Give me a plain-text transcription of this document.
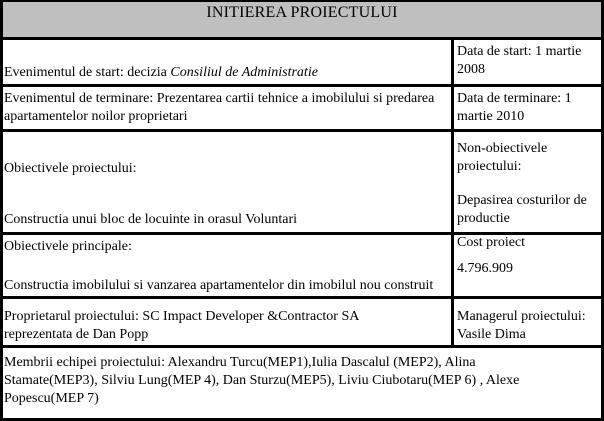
INITIEREA PROIECTULUI
Evenimentul de start: decizia Consiliul de Administratie
Data de start: 1 martie 2008
Evenimentul de terminare: Prezentarea cartii tehnice a imobilului si predarea apartamentelor noilor proprietari
Data de terminare: 1 martie 2010
Obiectivele proiectului:
Constructia unui bloc de locuinte in orasul Voluntari
Non-obiectivele proiectului:
Depasirea costurilor de productie
Obiectivele principale:
Constructia imobilului si vanzarea apartamentelor din imobilul nou construit
Cost proiect
4.796.909
Proprietarul proiectului: SC Impact Developer &Contractor SA reprezentata de Dan Popp
Managerul proiectului: Vasile Dima
Membrii echipei proiectului: Alexandru Turcu(MEP1),Iulia Dascalul (MEP2), Alina Stamate(MEP3), Silviu Lung(MEP 4), Dan Sturzu(MEP5), Liviu Ciubotaru(MEP 6) , Alexe Popescu(MEP 7)
